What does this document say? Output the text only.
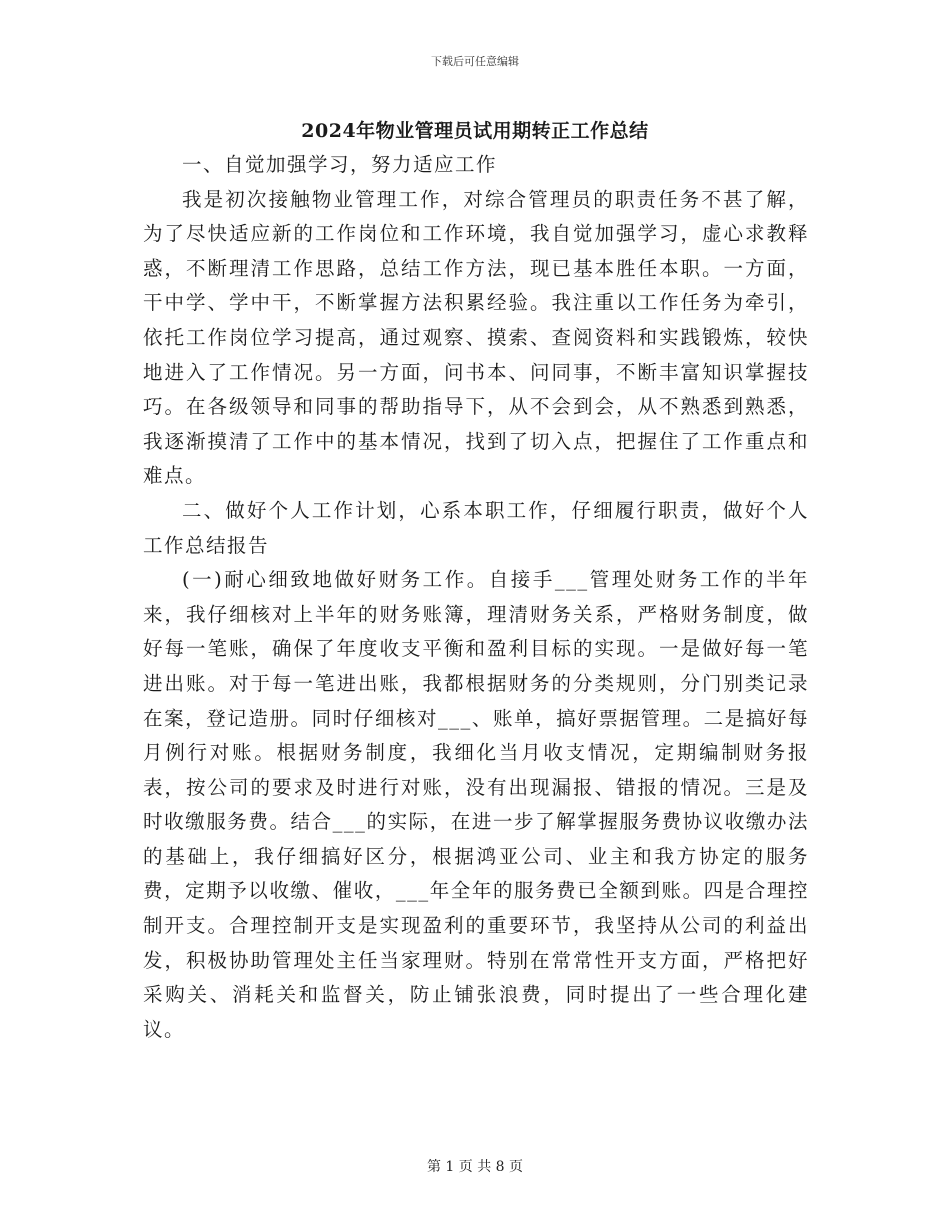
下载后可任意编辑
2024年物业管理员试用期转正工作总结

一、自觉加强学习，努力适应工作

我是初次接触物业管理工作，对综合管理员的职责任务不甚了解，为了尽快适应新的工作岗位和工作环境，我自觉加强学习，虚心求教释惑，不断理清工作思路，总结工作方法，现已基本胜任本职。一方面，干中学、学中干，不断掌握方法积累经验。我注重以工作任务为牵引，依托工作岗位学习提高，通过观察、摸索、查阅资料和实践锻炼，较快地进入了工作情况。另一方面，问书本、问同事，不断丰富知识掌握技巧。在各级领导和同事的帮助指导下，从不会到会，从不熟悉到熟悉，我逐渐摸清了工作中的基本情况，找到了切入点，把握住了工作重点和难点。

二、做好个人工作计划，心系本职工作，仔细履行职责，做好个人工作总结报告

(一)耐心细致地做好财务工作。自接手___管理处财务工作的半年来，我仔细核对上半年的财务账簿，理清财务关系，严格财务制度，做好每一笔账，确保了年度收支平衡和盈利目标的实现。一是做好每一笔进出账。对于每一笔进出账，我都根据财务的分类规则，分门别类记录在案，登记造册。同时仔细核对___、账单，搞好票据管理。二是搞好每月例行对账。根据财务制度，我细化当月收支情况，定期编制财务报表，按公司的要求及时进行对账，没有出现漏报、错报的情况。三是及时收缴服务费。结合___的实际，在进一步了解掌握服务费协议收缴办法的基础上，我仔细搞好区分，根据鸿亚公司、业主和我方协定的服务费，定期予以收缴、催收，___年全年的服务费已全额到账。四是合理控制开支。合理控制开支是实现盈利的重要环节，我坚持从公司的利益出发，积极协助管理处主任当家理财。特别在常常性开支方面，严格把好采购关、消耗关和监督关，防止铺张浪费，同时提出了一些合理化建议。

第 1 页 共 8 页
